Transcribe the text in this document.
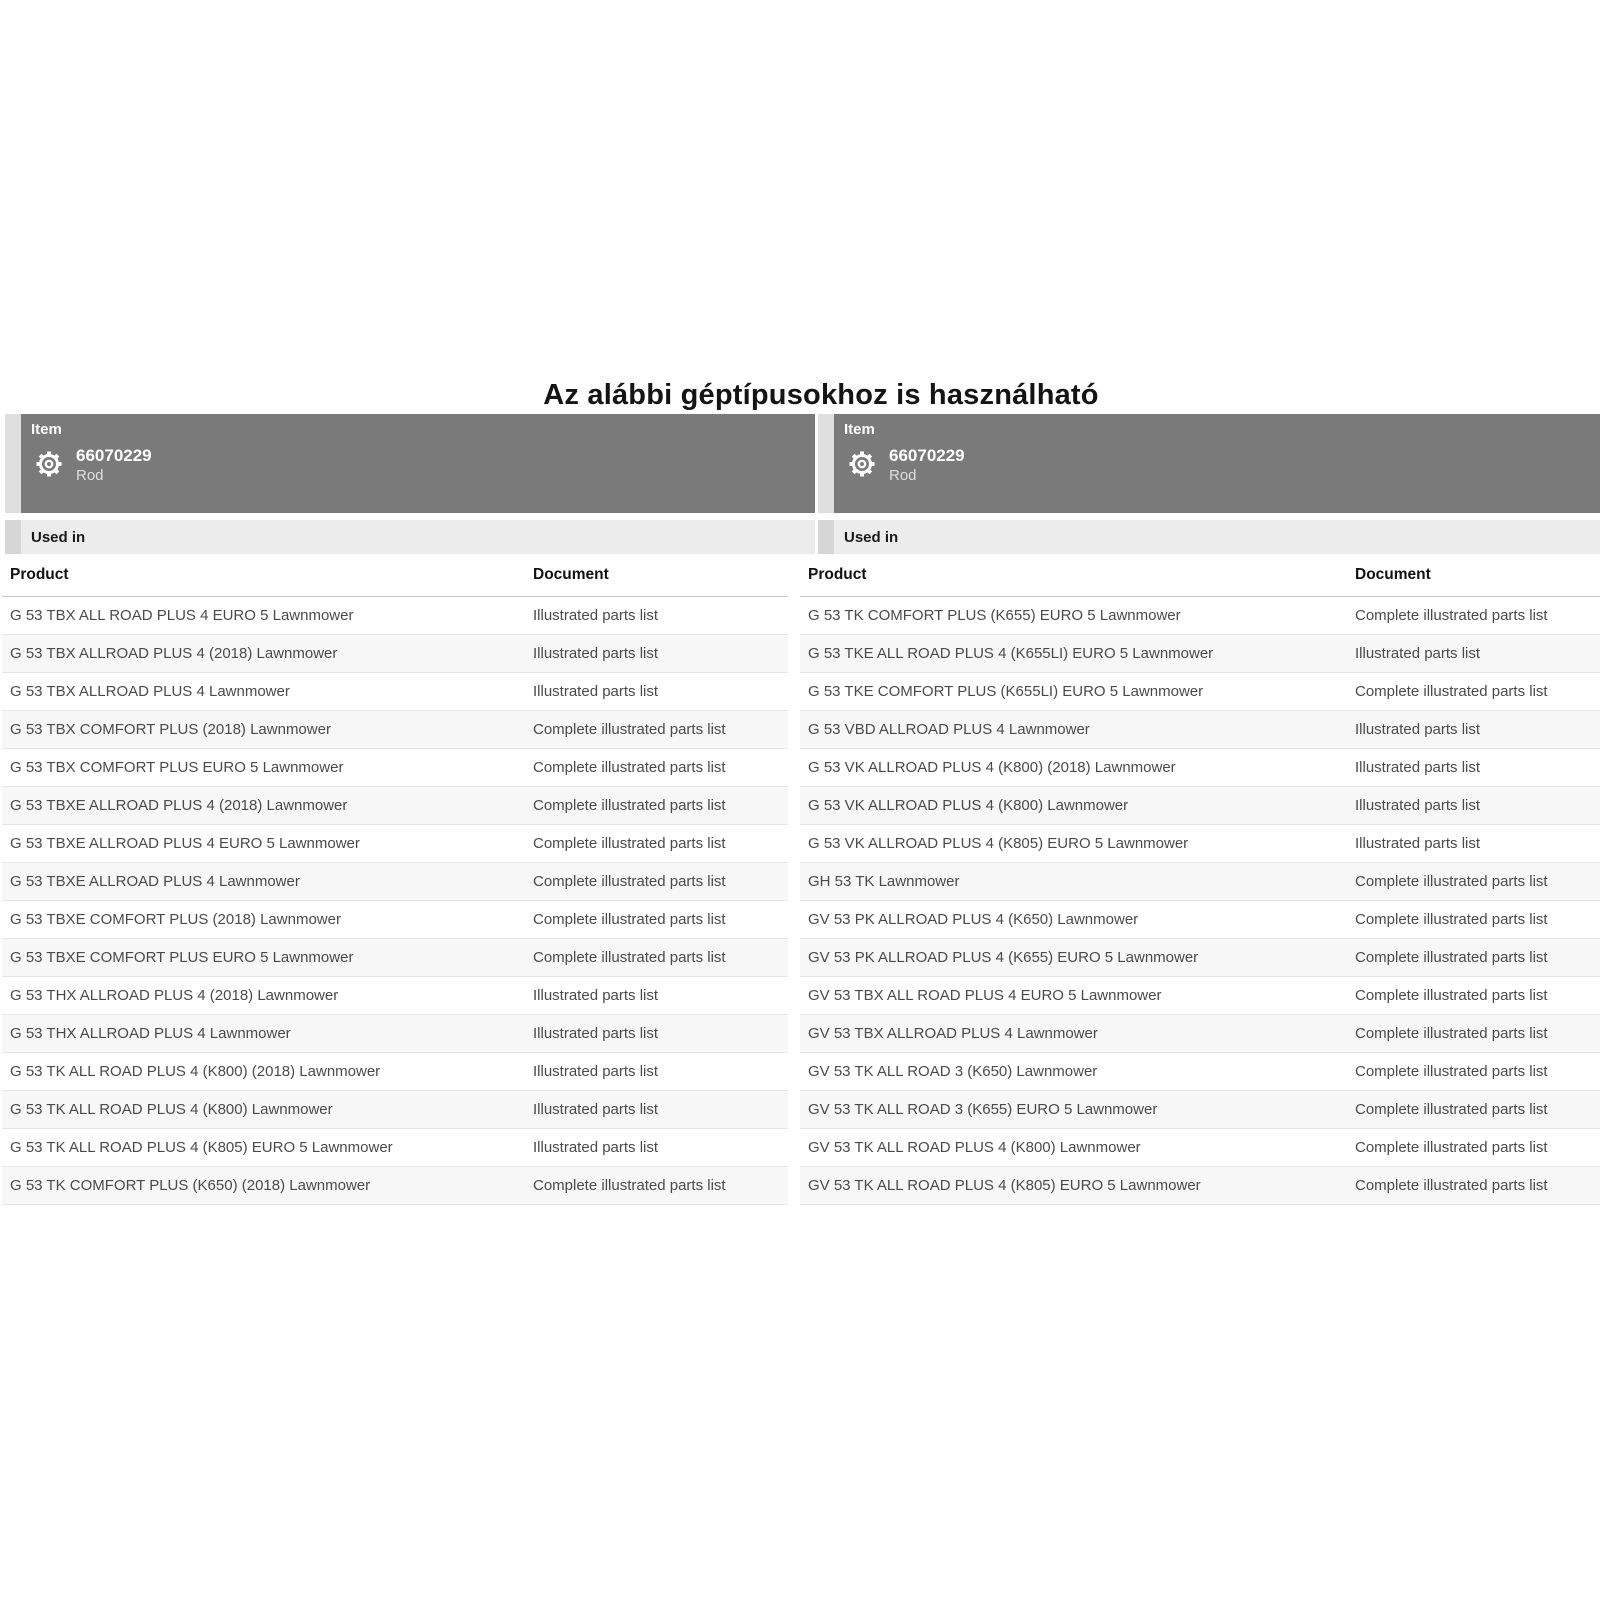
Az alábbi géptípusokhoz is használható
Item
66070229
Rod
Used in
Product	Document
G 53 TBX ALL ROAD PLUS 4 EURO 5 Lawnmower	Illustrated parts list
G 53 TBX ALLROAD PLUS 4 (2018) Lawnmower	Illustrated parts list
G 53 TBX ALLROAD PLUS 4 Lawnmower	Illustrated parts list
G 53 TBX COMFORT PLUS (2018) Lawnmower	Complete illustrated parts list
G 53 TBX COMFORT PLUS EURO 5 Lawnmower	Complete illustrated parts list
G 53 TBXE ALLROAD PLUS 4 (2018) Lawnmower	Complete illustrated parts list
G 53 TBXE ALLROAD PLUS 4 EURO 5 Lawnmower	Complete illustrated parts list
G 53 TBXE ALLROAD PLUS 4 Lawnmower	Complete illustrated parts list
G 53 TBXE COMFORT PLUS (2018) Lawnmower	Complete illustrated parts list
G 53 TBXE COMFORT PLUS EURO 5 Lawnmower	Complete illustrated parts list
G 53 THX ALLROAD PLUS 4 (2018) Lawnmower	Illustrated parts list
G 53 THX ALLROAD PLUS 4 Lawnmower	Illustrated parts list
G 53 TK ALL ROAD PLUS 4 (K800) (2018) Lawnmower	Illustrated parts list
G 53 TK ALL ROAD PLUS 4 (K800) Lawnmower	Illustrated parts list
G 53 TK ALL ROAD PLUS 4 (K805) EURO 5 Lawnmower	Illustrated parts list
G 53 TK COMFORT PLUS (K650) (2018) Lawnmower	Complete illustrated parts list
Item
66070229
Rod
Used in
Product	Document
G 53 TK COMFORT PLUS (K655) EURO 5 Lawnmower	Complete illustrated parts list
G 53 TKE ALL ROAD PLUS 4 (K655LI) EURO 5 Lawnmower	Illustrated parts list
G 53 TKE COMFORT PLUS (K655LI) EURO 5 Lawnmower	Complete illustrated parts list
G 53 VBD ALLROAD PLUS 4 Lawnmower	Illustrated parts list
G 53 VK ALLROAD PLUS 4 (K800) (2018) Lawnmower	Illustrated parts list
G 53 VK ALLROAD PLUS 4 (K800) Lawnmower	Illustrated parts list
G 53 VK ALLROAD PLUS 4 (K805) EURO 5 Lawnmower	Illustrated parts list
GH 53 TK Lawnmower	Complete illustrated parts list
GV 53 PK ALLROAD PLUS 4 (K650) Lawnmower	Complete illustrated parts list
GV 53 PK ALLROAD PLUS 4 (K655) EURO 5 Lawnmower	Complete illustrated parts list
GV 53 TBX ALL ROAD PLUS 4 EURO 5 Lawnmower	Complete illustrated parts list
GV 53 TBX ALLROAD PLUS 4 Lawnmower	Complete illustrated parts list
GV 53 TK ALL ROAD 3 (K650) Lawnmower	Complete illustrated parts list
GV 53 TK ALL ROAD 3 (K655) EURO 5 Lawnmower	Complete illustrated parts list
GV 53 TK ALL ROAD PLUS 4 (K800) Lawnmower	Complete illustrated parts list
GV 53 TK ALL ROAD PLUS 4 (K805) EURO 5 Lawnmower	Complete illustrated parts list
